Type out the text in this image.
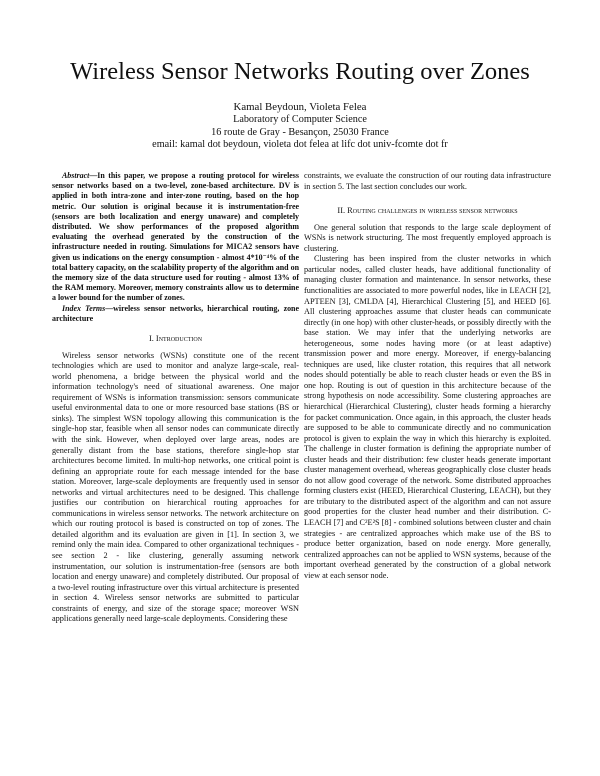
Wireless Sensor Networks Routing over Zones
Kamal Beydoun, Violeta Felea
Laboratory of Computer Science
16 route de Gray - Besançon, 25030 France
email: kamal dot beydoun, violeta dot felea at lifc dot univ-fcomte dot fr

Abstract—In this paper, we propose a routing protocol for wireless sensor networks based on a two-level, zone-based architecture. DV is applied in both intra-zone and inter-zone routing, based on the hop metric. Our solution is original because it is instrumentation-free (sensors are both localization and energy unaware) and completely distributed. We show performances of the proposed algorithm evaluating the overhead generated by the construction of the infrastructure needed in routing. Simulations for MICA2 sensors have given us indications on the energy consumption - almost 4*10⁻⁴% of the total battery capacity, on the scalability property of the algorithm and on the memory size of the data structure used for routing - almost 13% of the RAM memory. Moreover, memory constraints allow us to determine a lower bound for the number of zones.

Index Terms—wireless sensor networks, hierarchical routing, zone architecture

I. Introduction

Wireless sensor networks (WSNs) constitute one of the recent technologies which are used to monitor and analyze large-scale, real-world phenomena, a bridge between the physical world and the information technology's need of situational awareness. One major requirement of WSNs is information transmission: sensors communicate useful environmental data to one or more resourced base stations (BS or sinks). The simplest WSN topology allowing this communication is the single-hop star, feasible when all sensor nodes can communicate directly with the sink. However, when deployed over large areas, nodes are generally distant from the base stations, therefore single-hop star architectures become limited. In multi-hop networks, one critical point is defining an appropriate route for each message intended for the base station. Moreover, large-scale deployments are frequently used in sensor networks and virtual architectures need to be designed. This challenge justifies our contribution on hierarchical routing approaches for communications in wireless sensor networks. The network architecture on which our routing protocol is based is constructed on top of zones. The detailed algorithm and its evaluation are given in [1]. In section 3, we remind only the main idea. Compared to other organizational techniques - see section 2 - like clustering, generally assuming network instrumentation, our solution is instrumentation-free (sensors are both location and energy unaware) and completely distributed. Our proposal of a two-level routing infrastructure over this virtual architecture is presented in section 4. Wireless sensor networks are submitted to particular constraints of energy, and size of the storage space; moreover WSN applications generally need large-scale deployments. Considering these

constraints, we evaluate the construction of our routing data infrastructure in section 5. The last section concludes our work.

II. Routing challenges in wireless sensor networks

One general solution that responds to the large scale deployment of WSNs is network structuring. The most frequently employed approach is clustering.

Clustering has been inspired from the cluster networks in which particular nodes, called cluster heads, have additional functionality of managing cluster formation and maintenance. In sensor networks, these functionalities are associated to more powerful nodes, like in LEACH [2], APTEEN [3], CMLDA [4], Hierarchical Clustering [5], and HEED [6]. All clustering approaches assume that cluster heads can communicate directly (in one hop) with other cluster-heads, or possibly directly with the base station. We may infer that the underlying networks are heterogeneous, some nodes having more (or at least adaptive) transmission power and more energy. Moreover, if energy-balancing techniques are used, like cluster rotation, this requires that all network nodes should potentially be able to reach cluster heads or even the BS in one hop. Routing is out of question in this architecture because of the strong hypothesis on node accessibility. Some clustering approaches are hierarchical (Hierarchical Clustering), cluster heads forming a hierarchy for packet communication. Once again, in this approach, the cluster heads are supposed to be able to communicate directly and no communication protocol is given to explain the way in which this hierarchy is exploited. The challenge in cluster formation is defining the appropriate number of cluster heads and their distribution: few cluster heads generate important cluster management overhead, whereas geographically close cluster heads do not allow good coverage of the network. Some distributed approaches forming clusters exist (HEED, Hierarchical Clustering, LEACH), but they are tributary to the distributed aspect of the algorithm and can not assure good properties for the cluster head number and their distribution. C-LEACH [7] and C²E²S [8] - combined solutions between cluster and chain strategies - are centralized approaches which make use of the BS to produce better organization, based on node energy. More generally, centralized approaches can not be applied to WSN systems, because of the important overhead generated by the construction of a global network view at each sensor node.
